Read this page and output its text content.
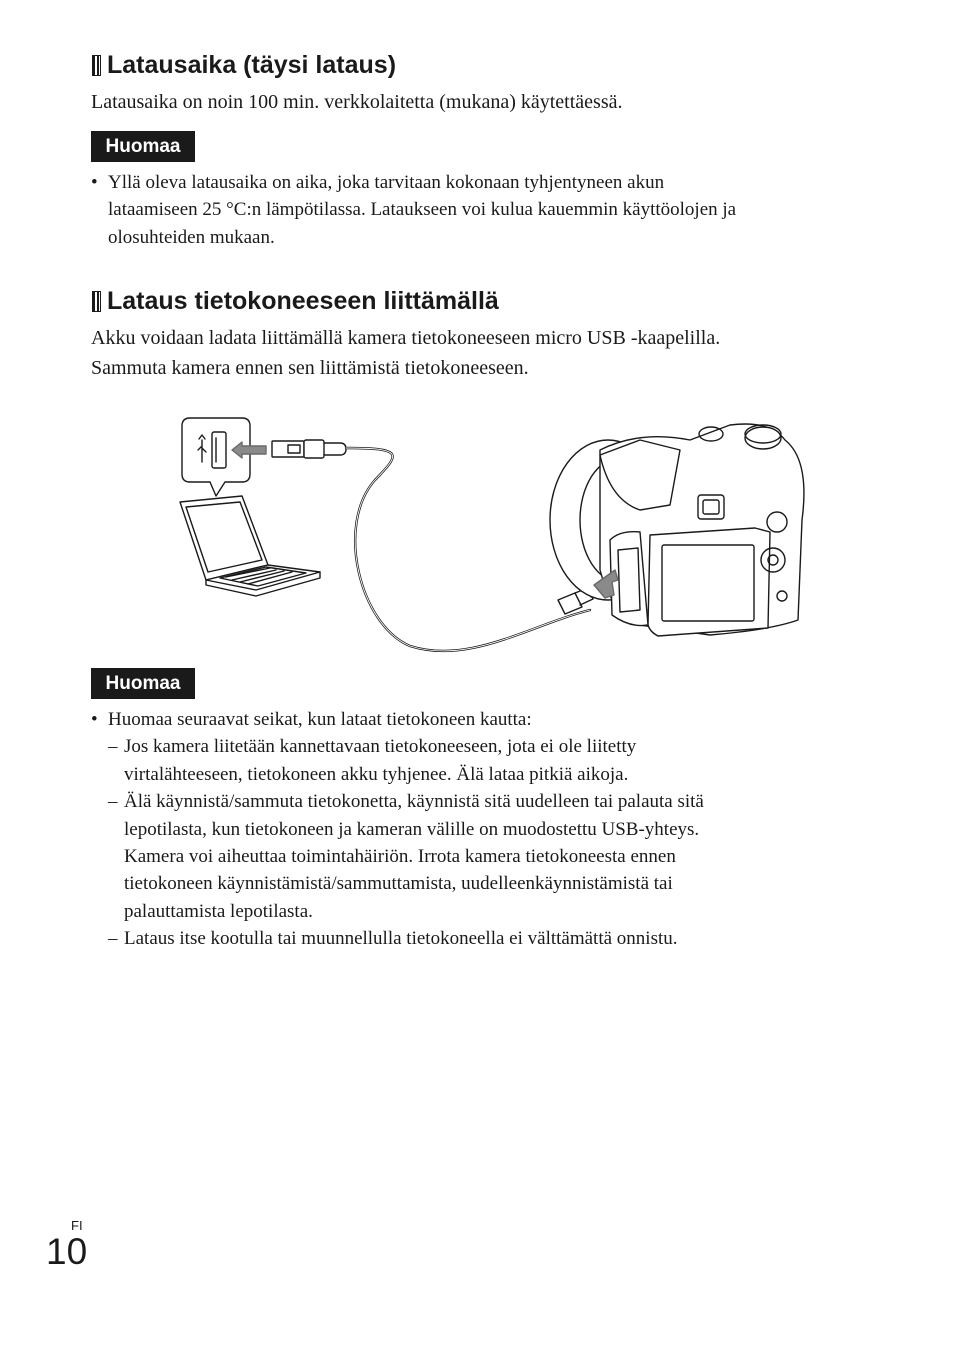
Latausaika (täysi lataus)

Latausaika on noin 100 min. verkkolaitetta (mukana) käytettäessä.

Huomaa
• Yllä oleva latausaika on aika, joka tarvitaan kokonaan tyhjentyneen akun
lataamiseen 25 °C:n lämpötilassa. Lataukseen voi kulua kauemmin käyttöolojen ja
olosuhteiden mukaan.
Lataus tietokoneeseen liittämällä

Akku voidaan ladata liittämällä kamera tietokoneeseen micro USB -kaapelilla.

Sammuta kamera ennen sen liittämistä tietokoneeseen.

Huomaa
• Huomaa seuraavat seikat, kun lataat tietokoneen kautta:
– Jos kamera liitetään kannettavaan tietokoneeseen, jota ei ole liitetty
virtalähteeseen, tietokoneen akku tyhjenee. Älä lataa pitkiä aikoja.
– Älä käynnistä/sammuta tietokonetta, käynnistä sitä uudelleen tai palauta sitä
lepotilasta, kun tietokoneen ja kameran välille on muodostettu USB-yhteys.
Kamera voi aiheuttaa toimintahäiriön. Irrota kamera tietokoneesta ennen
tietokoneen käynnistämistä/sammuttamista, uudelleenkäynnistämistä tai
palauttamista lepotilasta.
– Lataus itse kootulla tai muunnellulla tietokoneella ei välttämättä onnistu.
FI
10
